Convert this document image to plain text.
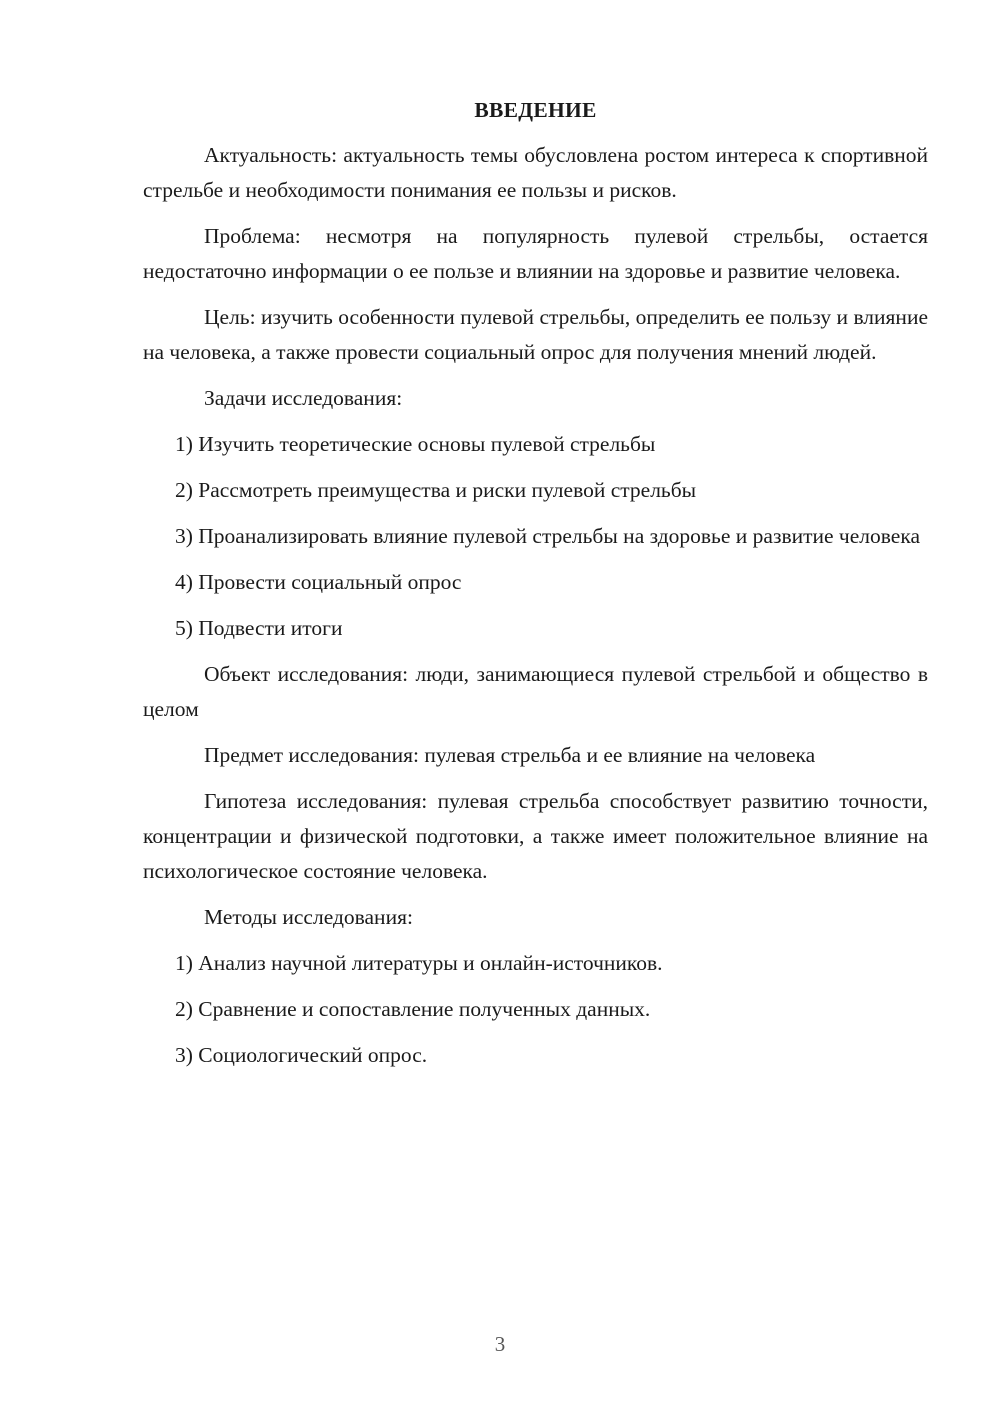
ВВЕДЕНИЕ

Актуальность: актуальность темы обусловлена ростом интереса к спортивной стрельбе и необходимости понимания ее пользы и рисков.

Проблема: несмотря на популярность пулевой стрельбы, остается недостаточно информации о ее пользе и влиянии на здоровье и развитие человека.

Цель: изучить особенности пулевой стрельбы, определить ее пользу и влияние на человека, а также провести социальный опрос для получения мнений людей.

Задачи исследования:

1) Изучить теоретические основы пулевой стрельбы

2) Рассмотреть преимущества и риски пулевой стрельбы

3) Проанализировать влияние пулевой стрельбы на здоровье и развитие человека

4) Провести социальный опрос

5) Подвести итоги

Объект исследования: люди, занимающиеся пулевой стрельбой и общество в целом

Предмет исследования: пулевая стрельба и ее влияние на человека

Гипотеза исследования: пулевая стрельба способствует развитию точности, концентрации и физической подготовки, а также имеет положительное влияние на психологическое состояние человека.

Методы исследования:

1) Анализ научной литературы и онлайн-источников.

2) Сравнение и сопоставление полученных данных.

3) Социологический опрос.

3
